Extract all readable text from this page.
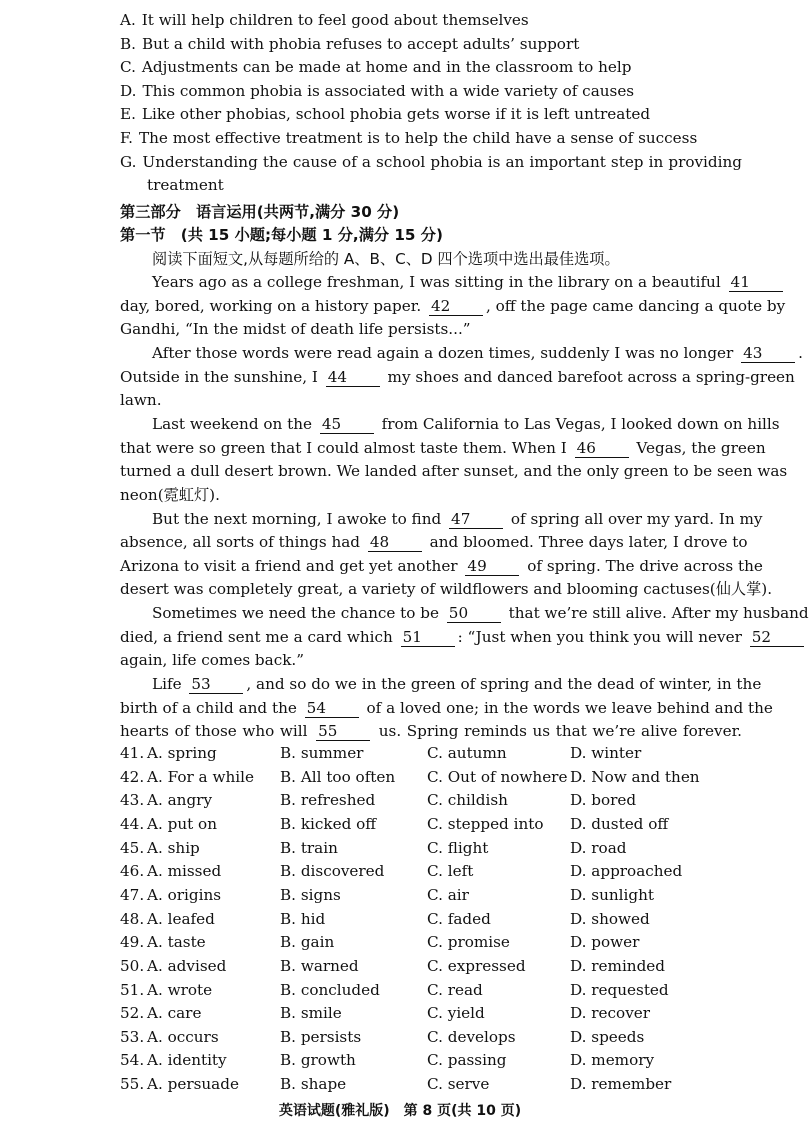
A. It will help children to feel good about themselves
B. But a child with phobia refuses to accept adults’ support
C. Adjustments can be made at home and in the classroom to help
D. This common phobia is associated with a wide variety of causes
E. Like other phobias, school phobia gets worse if it is left untreated
F. The most effective treatment is to help the child have a sense of success
G. Understanding the cause of a school phobia is an important step in providing
treatment
第三部分　语言运用(共两节,满分 30 分)
第一节　(共 15 小题;每小题 1 分,满分 15 分)
阅读下面短文,从每题所给的 A、B、C、D 四个选项中选出最佳选项。
Years ago as a college freshman, I was sitting in the library on a beautiful 41
day, bored, working on a history paper. 42 , off the page came dancing a quote by
Gandhi, “In the midst of death life persists...”
After those words were read again a dozen times, suddenly I was no longer 43 .
Outside in the sunshine, I 44 my shoes and danced barefoot across a spring-green
lawn.
Last weekend on the 45 from California to Las Vegas, I looked down on hills
that were so green that I could almost taste them. When I 46 Vegas, the green
turned a dull desert brown. We landed after sunset, and the only green to be seen was
neon(霓虹灯).
But the next morning, I awoke to find 47 of spring all over my yard. In my
absence, all sorts of things had 48 and bloomed. Three days later, I drove to
Arizona to visit a friend and get yet another 49 of spring. The drive across the
desert was completely great, a variety of wildflowers and blooming cactuses(仙人掌).
Sometimes we need the chance to be 50 that we’re still alive. After my husband
died, a friend sent me a card which 51 : “Just when you think you will never 52
again, life comes back.”
Life 53 , and so do we in the green of spring and the dead of winter, in the
birth of a child and the 54 of a loved one; in the words we leave behind and the
hearts of those who will 55 us. Spring reminds us that we’re alive forever.
41. A. spring	B. summer	C. autumn	D. winter
42. A. For a while B. All too often C. Out of nowhere D. Now and then
43. A. angry	B. refreshed	C. childish	D. bored
44. A. put on	B. kicked off	C. stepped into D. dusted off
45. A. ship	B. train	C. flight	D. road
46. A. missed	B. discovered	C. left	D. approached
47. A. origins	B. signs	C. air	D. sunlight
48. A. leafed	B. hid	C. faded	D. showed
49. A. taste	B. gain	C. promise	D. power
50. A. advised	B. warned	C. expressed	D. reminded
51. A. wrote	B. concluded	C. read	D. requested
52. A. care	B. smile	C. yield	D. recover
53. A. occurs	B. persists	C. develops	D. speeds
54. A. identity	B. growth	C. passing	D. memory
55. A. persuade	B. shape	C. serve	D. remember
英语试题(雅礼版)　第 8 页(共 10 页)
